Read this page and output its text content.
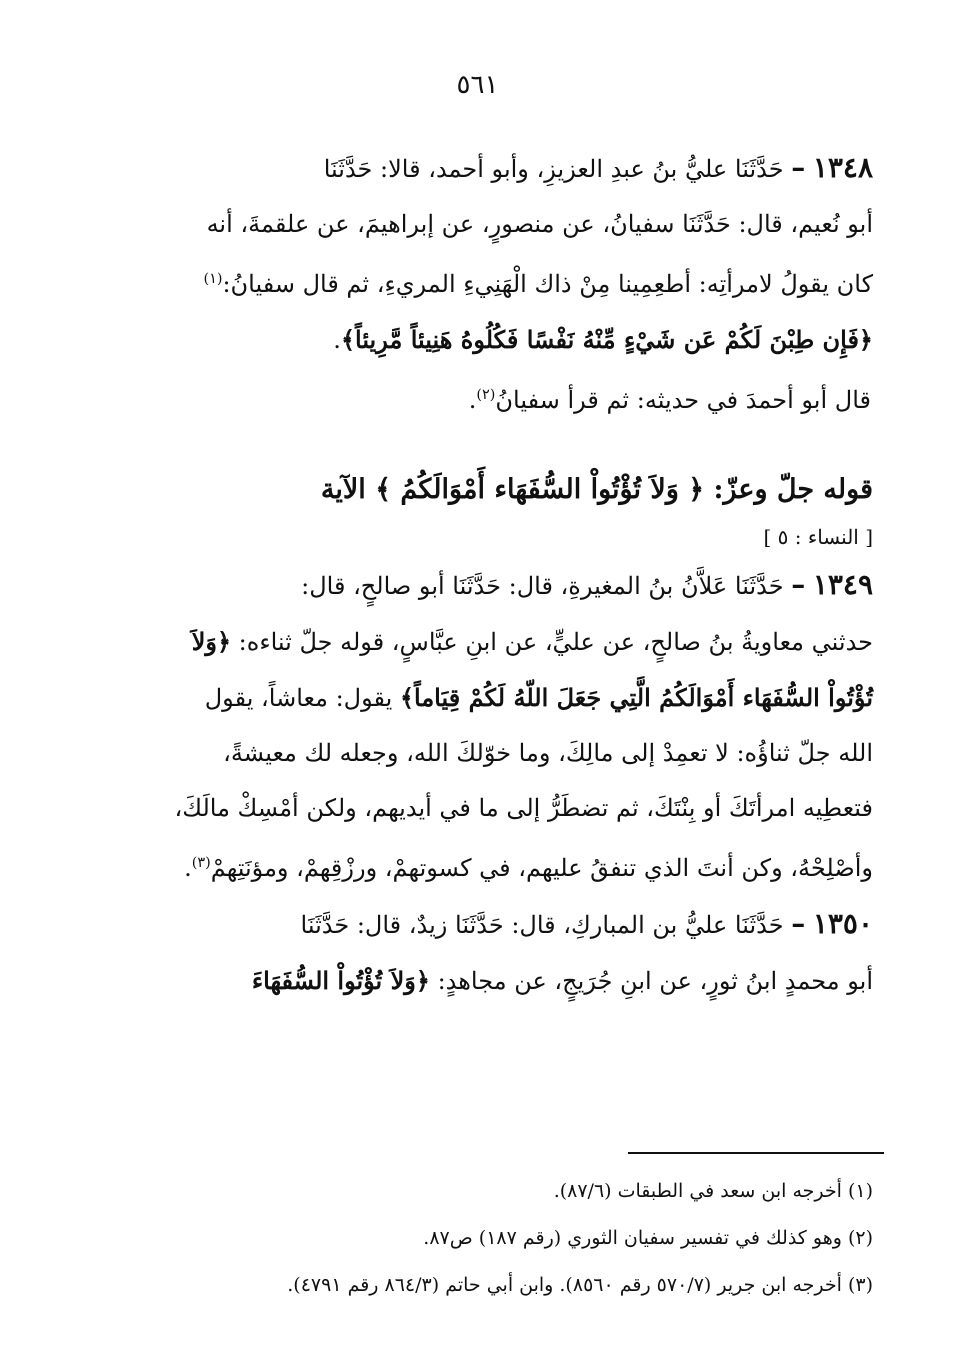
٥٦١

١٣٤٨ – حَدَّثَنَا عليُّ بنُ عبدِ العزيزِ، وأبو أحمد، قالا: حَدَّثَنَا

أبو نُعيم، قال: حَدَّثَنَا سفيانُ، عن منصورٍ، عن إبراهيمَ، عن علقمةَ، أنه

كان يقولُ لامرأتِه: أطعِمِينا مِنْ ذاك الْهَنِيءِ المريءِ، ثم قال سفيانُ:$^{(١)}$

﴿فَإِن طِبْنَ لَكُمْ عَن شَيْءٍ مِّنْهُ نَفْسًا فَكُلُوهُ هَنِيئاً مَّرِيئاً﴾.

قال أبو أحمدَ في حديثه: ثم قرأ سفيانُ$^{(٢)}$.

قوله جلّ وعزّ: ﴿ وَلاَ تُؤْتُواْ السُّفَهَاء أَمْوَالَكُمُ ﴾ الآية

[ النساء : ٥ ]

١٣٤٩ – حَدَّثَنَا عَلاَّنُ بنُ المغيرةِ، قال: حَدَّثَنَا أبو صالحٍ، قال:

حدثني معاويةُ بنُ صالحٍ، عن عليٍّ، عن ابنِ عبَّاسٍ، قوله جلّ ثناءه: ﴿وَلاَ

تُؤْتُواْ السُّفَهَاء أَمْوَالَكُمُ الَّتِي جَعَلَ اللّهُ لَكُمْ قِيَاماً﴾ يقول: معاشاً، يقول

الله جلّ ثناؤُه: لا تعمِدْ إلى مالِكَ، وما خوّلكَ الله، وجعله لك معيشةً،

فتعطِيه امرأتَكَ أو بِنْتَكَ، ثم تضطَرُّ إلى ما في أيديهم، ولكن أمْسِكْ مالَكَ،

وأصْلِحْهُ، وكن أنتَ الذي تنفقُ عليهم، في كسوتهمْ، ورزْقِهمْ، ومؤنَتِهمْ$^{(٣)}$.

١٣٥٠ – حَدَّثَنَا عليُّ بن المباركِ، قال: حَدَّثَنَا زيدٌ، قال: حَدَّثَنَا

أبو محمدٍ ابنُ ثورٍ، عن ابنِ جُرَيجٍ، عن مجاهدٍ: ﴿وَلاَ تُؤْتُواْ السُّفَهَاءَ

(١) أخرجه ابن سعد في الطبقات (٨٧/٦).

(٢) وهو كذلك في تفسير سفيان الثوري (رقم ١٨٧) ص٨٧.

(٣) أخرجه ابن جرير (٥٧٠/٧ رقم ٨٥٦٠). وابن أبي حاتم (٨٦٤/٣ رقم ٤٧٩١).
